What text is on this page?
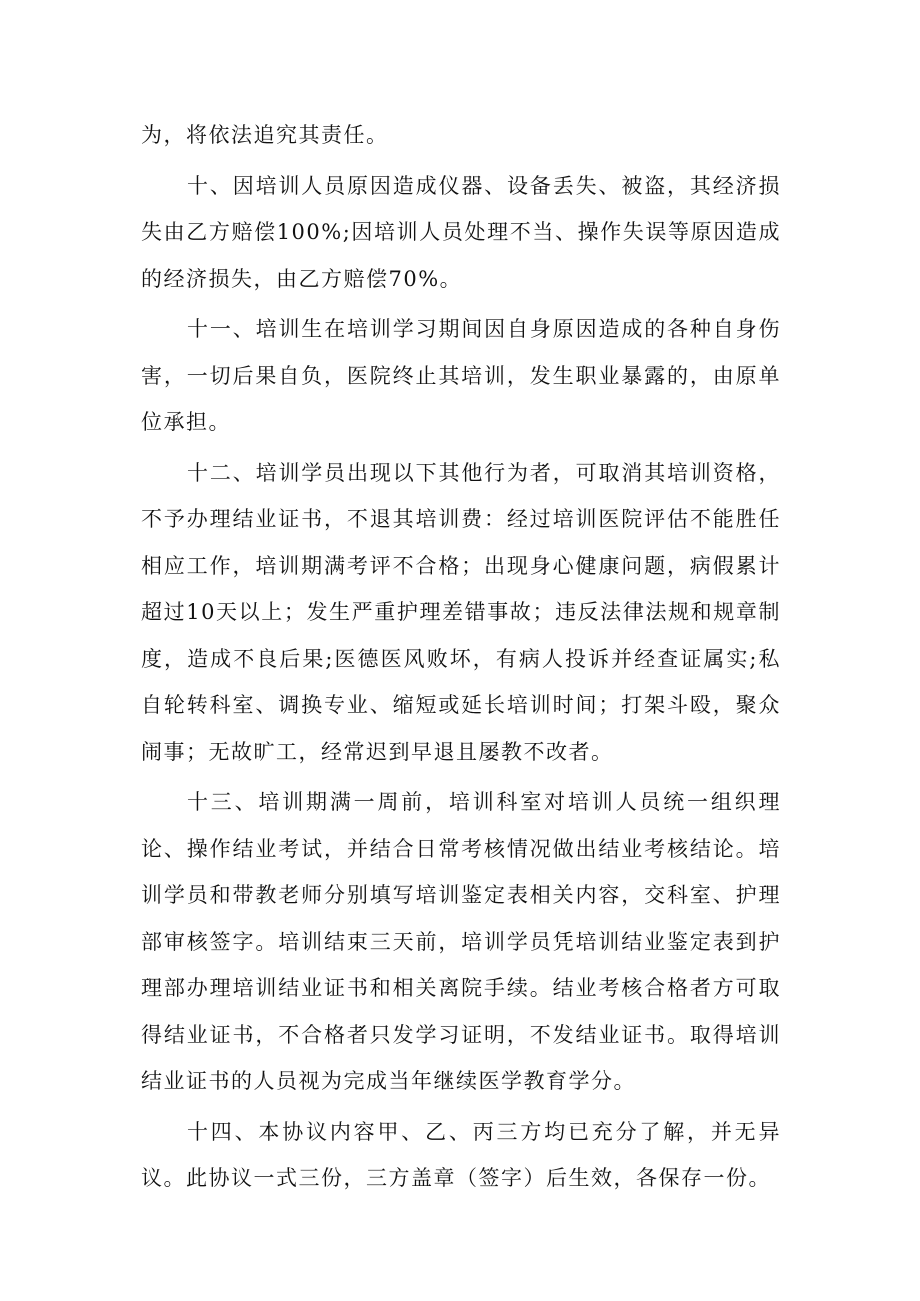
为，将依法追究其责任。

十、因培训人员原因造成仪器、设备丢失、被盗，其经济损失由乙方赔偿100%;因培训人员处理不当、操作失误等原因造成的经济损失，由乙方赔偿70%。

十一、培训生在培训学习期间因自身原因造成的各种自身伤害，一切后果自负，医院终止其培训，发生职业暴露的，由原单位承担。

十二、培训学员出现以下其他行为者，可取消其培训资格，不予办理结业证书，不退其培训费：经过培训医院评估不能胜任相应工作，培训期满考评不合格；出现身心健康问题，病假累计超过10天以上；发生严重护理差错事故；违反法律法规和规章制度，造成不良后果;医德医风败坏，有病人投诉并经查证属实;私自轮转科室、调换专业、缩短或延长培训时间；打架斗殴，聚众闹事；无故旷工，经常迟到早退且屡教不改者。

十三、培训期满一周前，培训科室对培训人员统一组织理论、操作结业考试，并结合日常考核情况做出结业考核结论。培训学员和带教老师分别填写培训鉴定表相关内容，交科室、护理部审核签字。培训结束三天前，培训学员凭培训结业鉴定表到护理部办理培训结业证书和相关离院手续。结业考核合格者方可取得结业证书，不合格者只发学习证明，不发结业证书。取得培训结业证书的人员视为完成当年继续医学教育学分。

十四、本协议内容甲、乙、丙三方均已充分了解，并无异议。此协议一式三份，三方盖章（签字）后生效，各保存一份。
